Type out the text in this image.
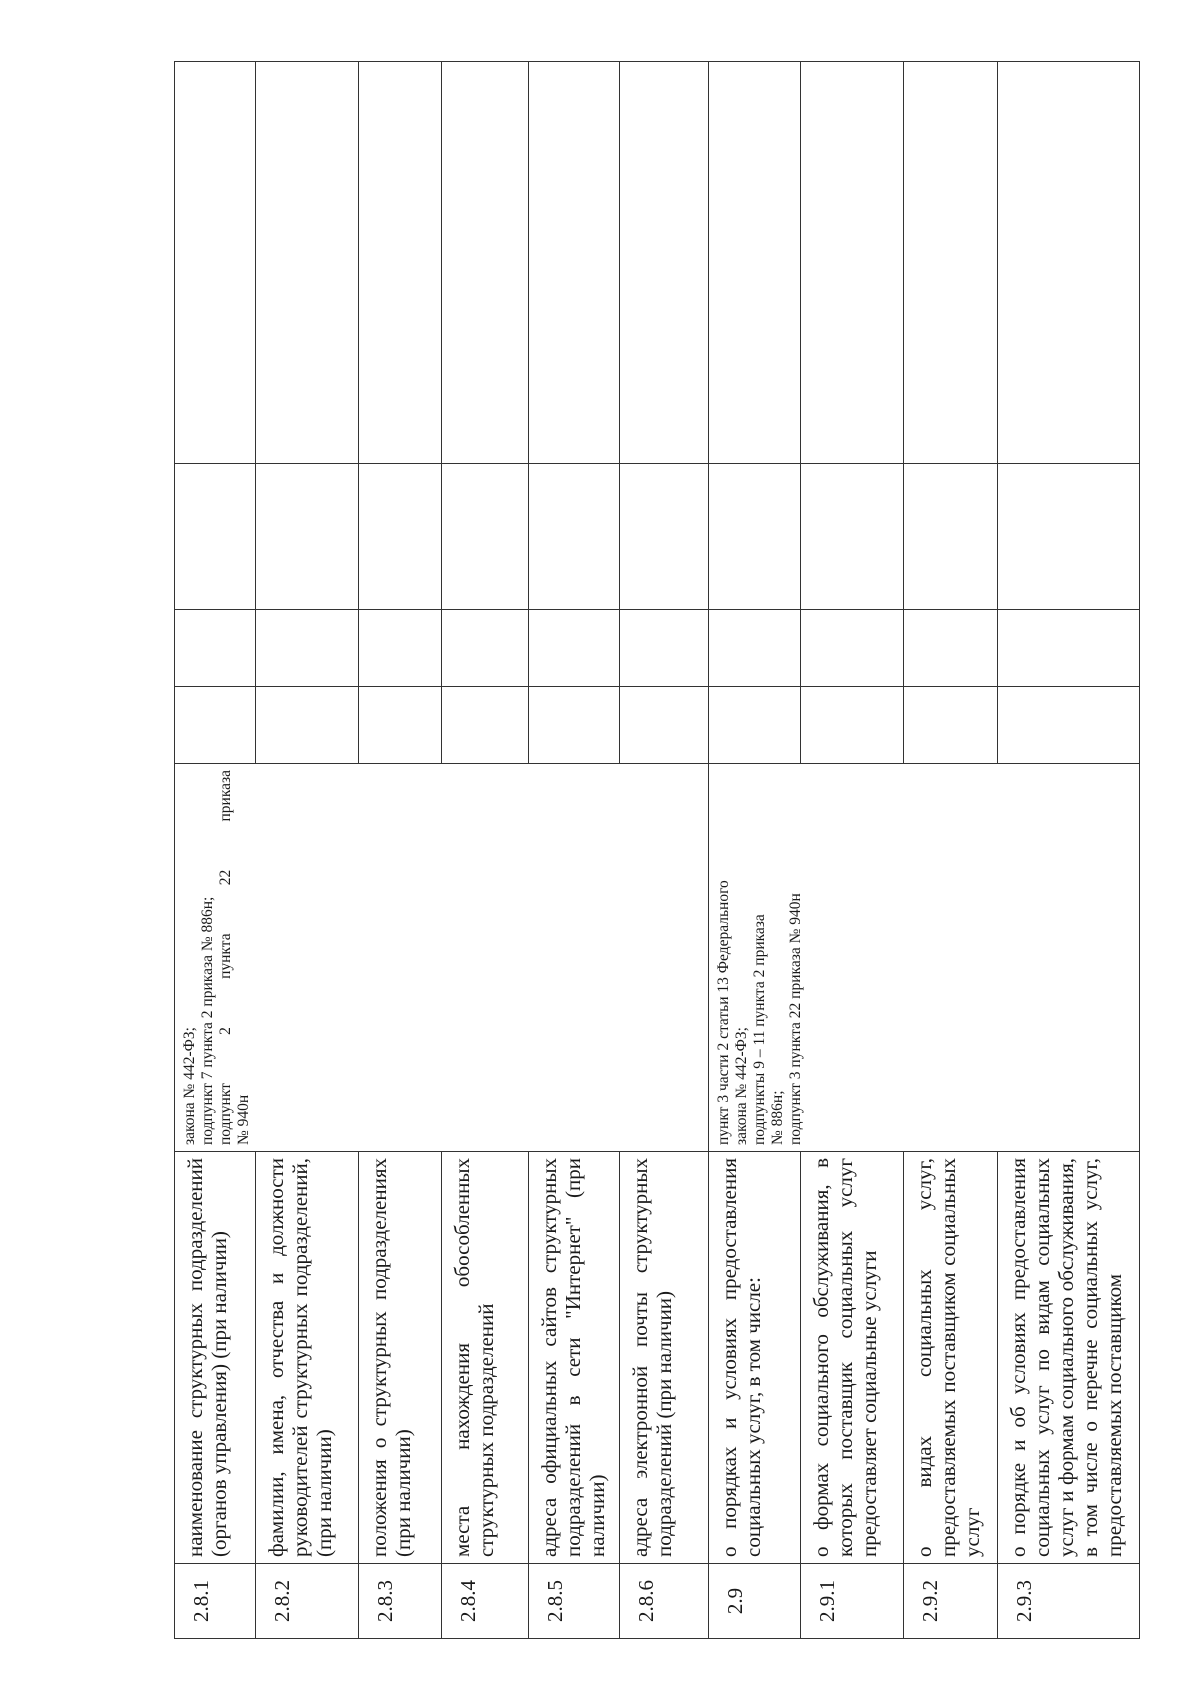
2.8.1	наименование структурных подразделений (органов управления) (при наличии)	закона № 442-ФЗ; подпункт 7 пункта 2 приказа № 886н; подпункт 2 пункта 22 приказа № 940н				

2.8.2	фамилии, имена, отчества и должности руководителей структурных подразделений, (при наличии)					
2.8.3	положения о структурных подразделениях (при наличии)					
2.8.4	места нахождения обособленных структурных подразделений					
2.8.5	адреса официальных сайтов структурных подразделений в сети "Интернет" (при наличии)					
2.8.6	адреса электронной почты структурных подразделений (при наличии)					
2.9	о порядках и условиях предоставления социальных услуг, в том числе:	пункт 3 части 2 статьи 13 Федерального закона № 442-ФЗ; подпункты 9 – 11 пункта 2 приказа № 886н; подпункт 3 пункта 22 приказа № 940н				

2.9.1	о формах социального обслуживания, в которых поставщик социальных услуг предоставляет социальные услуги					
2.9.2	о видах социальных услуг, предоставляемых поставщиком социальных услуг					
2.9.3	о порядке и об условиях предоставления социальных услуг по видам социальных услуг и формам социального обслуживания, в том числе о перечне социальных услуг, предоставляемых поставщиком					
